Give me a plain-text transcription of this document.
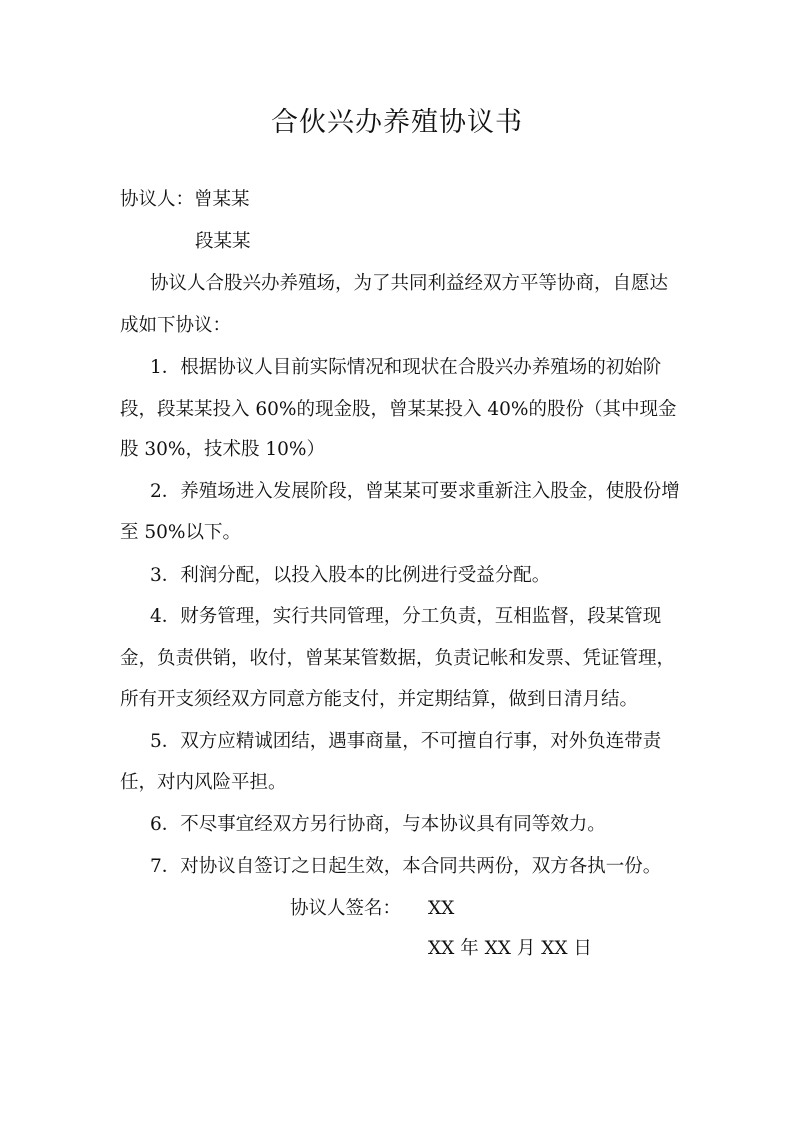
合伙兴办养殖协议书
协议人：曾某某
段某某
协议人合股兴办养殖场，为了共同利益经双方平等协商，自愿达
成如下协议：
1．根据协议人目前实际情况和现状在合股兴办养殖场的初始阶
段，段某某投入 60%的现金股，曾某某投入 40%的股份（其中现金
股 30%，技术股 10%）
2．养殖场进入发展阶段，曾某某可要求重新注入股金，使股份增
至 50%以下。
3．利润分配，以投入股本的比例进行受益分配。
4．财务管理，实行共同管理，分工负责，互相监督，段某管现
金，负责供销，收付，曾某某管数据，负责记帐和发票、凭证管理，
所有开支须经双方同意方能支付，并定期结算，做到日清月结。
5．双方应精诚团结，遇事商量，不可擅自行事，对外负连带责
任，对内风险平担。
6．不尽事宜经双方另行协商，与本协议具有同等效力。
7．对协议自签订之日起生效，本合同共两份，双方各执一份。
协议人签名： XX
XX 年 XX 月 XX 日
